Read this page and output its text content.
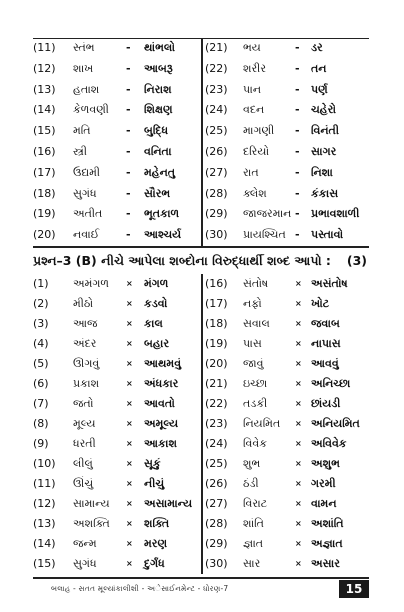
(11) સ્તંભ	- થાંભલો
(12) શાખ	- આબરૂ
(13) હતાશ - નિરાશ
(14) કેળવણી - શિક્ષણ
(15) મતિ	- બુદ્ધિ
(16) સ્ત્રી	- વનિતા
(17) ઉદ્યમી - મહેનતુ
(18) સુગંધ	- સૌરભ
(19) અતીત - ભૂતકાળ
(20) નવાઈ - આશ્ચર્ય
(21) ભય	- ડર
(22) શરીર	- તન
(23) પાન	- પર્ણ
(24) વદન	- ચહેરો
(25) માગણી - વિનંતી
(26) દરિયો - સાગર
(27) રાત	- નિશા
(28) ક્લેશ	- કંકાસ
(29) જાજરમાન - પ્રભાવશાળી
(30) પ્રાયશ્ચિત - પસ્તાવો
પ્રશ્ન–3 (B) નીચે આપેલા શબ્દોના વિરુદ્ધાર્થી શબ્દ આપો : (3)
(1) અમંગળ × મંગળ
(2) મીઠો	× કડવો
(3) આજ	× કાલ
(4) અંદર	× બહાર
(5) ઊગવું	× આથમવું
(6) પ્રકાશ	× અંધકાર
(7) જતો	× આવતો
(8) મૂલ્ય	× અમૂલ્ય
(9) ધરતી	× આકાશ
(10) લીલું	× સૂકું
(11) ઊંચું	× નીચું
(12) સામાન્ય × અસામાન્ય
(13) અશક્તિ × શક્તિ
(14) જન્મ	× મરણ
(15) સુગંધ	× દુર્ગંધ
(16) સંતોષ	× અસંતોષ
(17) નફો	× ખોટ
(18) સવાલ	× જવાબ
(19) પાસ	× નાપાસ
(20) જાવું	× આવવું
(21) ઇચ્છા	× અનિચ્છા
(22) તડકી	× છાંયડી
(23) નિયમિત × અનિયમિત
(24) વિવેક	× અવિવેક
(25) શુભ	× અશુભ
(26) ઠંડી	× ગરમી
(27) વિરાટ	× વામન
(28) શાંતિ	× અશાંતિ
(29) જ્ઞાત	× અજ્ઞાત
(30) સાર	× અસાર
બલાહ - સતત મૂલ્યાંકાલીશી - અેસાઈનમેન્ટ - ધોરણ-7	15
